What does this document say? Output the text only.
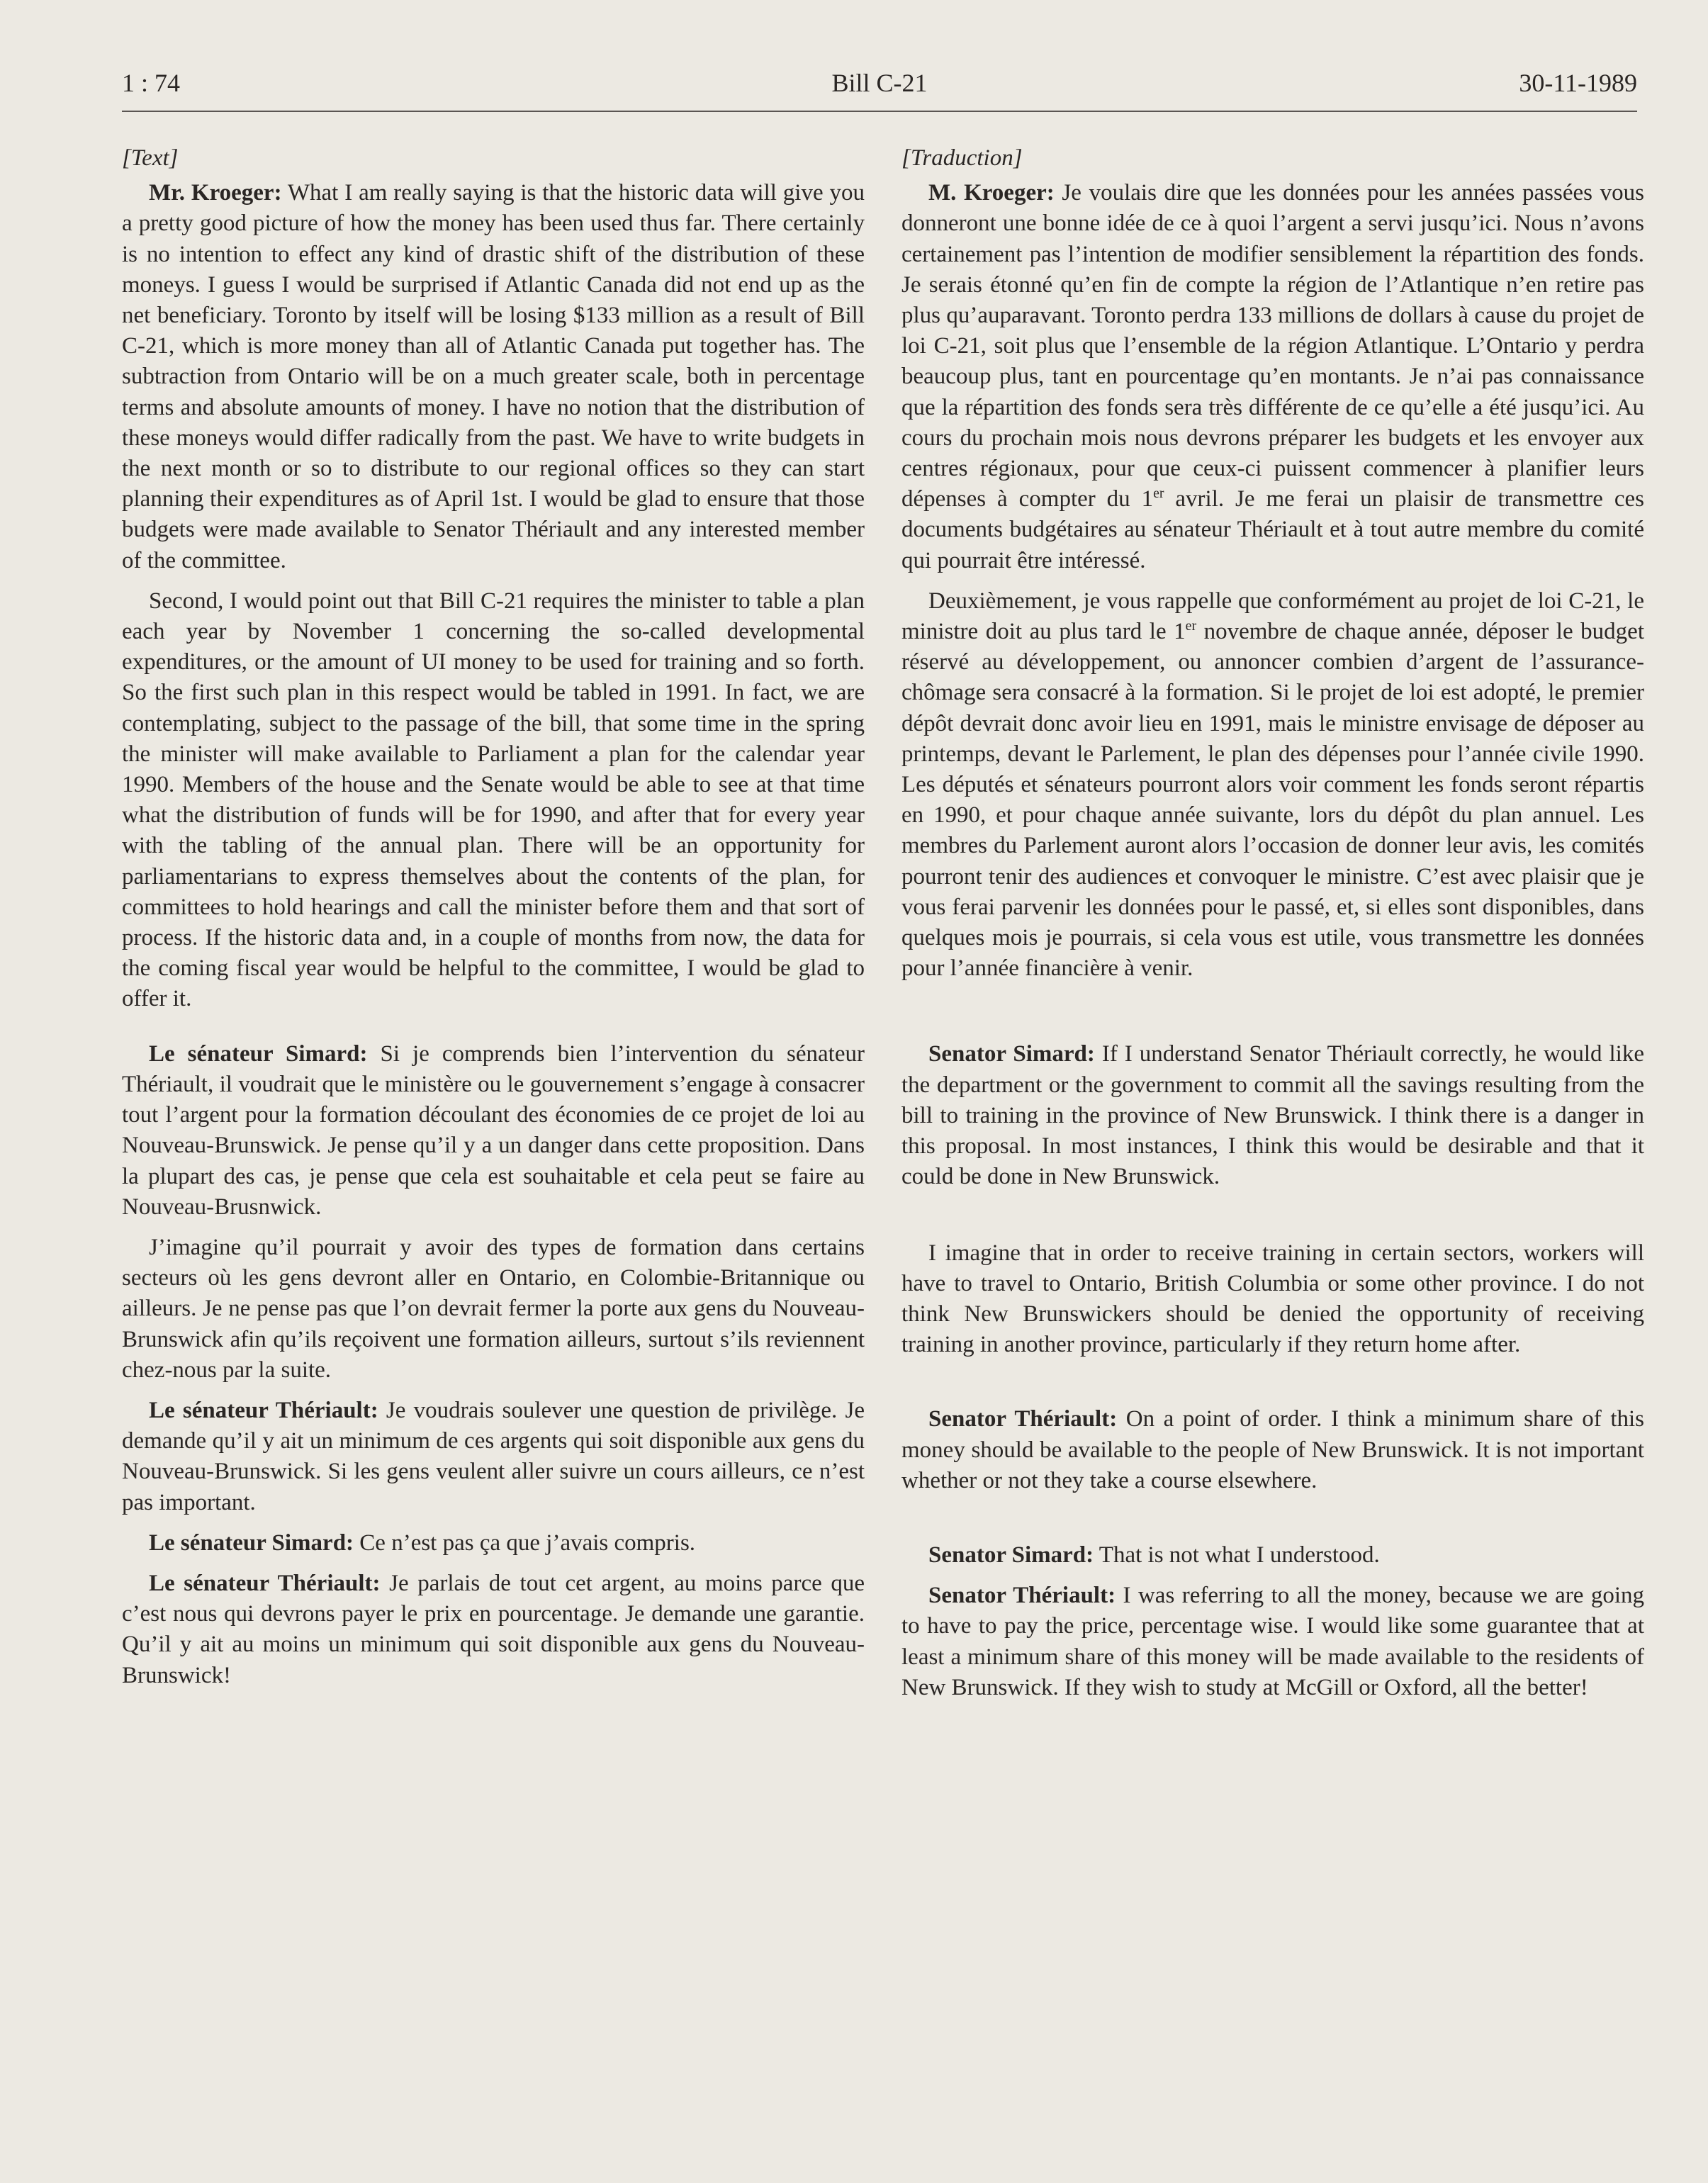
1 : 74	Bill C-21	30-11-1989
[Text]

Mr. Kroeger: What I am really saying is that the historic data will give you a pretty good picture of how the money has been used thus far. There certainly is no intention to effect any kind of drastic shift of the distribution of these moneys. I guess I would be surprised if Atlantic Canada did not end up as the net beneficiary. Toronto by itself will be losing $133 million as a result of Bill C-21, which is more money than all of Atlantic Canada put together has. The subtraction from Ontario will be on a much greater scale, both in percentage terms and absolute amounts of money. I have no notion that the distribution of these moneys would differ radically from the past. We have to write budgets in the next month or so to distribute to our regional offices so they can start planning their expenditures as of April 1st. I would be glad to ensure that those budgets were made available to Senator Thériault and any interested member of the committee.

Second, I would point out that Bill C-21 requires the minister to table a plan each year by November 1 concerning the so-called developmental expenditures, or the amount of UI money to be used for training and so forth. So the first such plan in this respect would be tabled in 1991. In fact, we are contemplating, subject to the passage of the bill, that some time in the spring the minister will make available to Parliament a plan for the calendar year 1990. Members of the house and the Senate would be able to see at that time what the distribution of funds will be for 1990, and after that for every year with the tabling of the annual plan. There will be an opportunity for parliamentarians to express themselves about the contents of the plan, for committees to hold hearings and call the minister before them and that sort of process. If the historic data and, in a couple of months from now, the data for the coming fiscal year would be helpful to the committee, I would be glad to offer it.

Le sénateur Simard: Si je comprends bien l’intervention du sénateur Thériault, il voudrait que le ministère ou le gouvernement s’engage à consacrer tout l’argent pour la formation découlant des économies de ce projet de loi au Nouveau-Brunswick. Je pense qu’il y a un danger dans cette proposition. Dans la plupart des cas, je pense que cela est souhaitable et cela peut se faire au Nouveau-Brusnwick.

J’imagine qu’il pourrait y avoir des types de formation dans certains secteurs où les gens devront aller en Ontario, en Colombie-Britannique ou ailleurs. Je ne pense pas que l’on devrait fermer la porte aux gens du Nouveau-Brunswick afin qu’ils reçoivent une formation ailleurs, surtout s’ils reviennent chez-nous par la suite.

Le sénateur Thériault: Je voudrais soulever une question de privilège. Je demande qu’il y ait un minimum de ces argents qui soit disponible aux gens du Nouveau-Brunswick. Si les gens veulent aller suivre un cours ailleurs, ce n’est pas important.

Le sénateur Simard: Ce n’est pas ça que j’avais compris.

Le sénateur Thériault: Je parlais de tout cet argent, au moins parce que c’est nous qui devrons payer le prix en pourcentage. Je demande une garantie. Qu’il y ait au moins un minimum qui soit disponible aux gens du Nouveau-Brunswick!

[Traduction]

M. Kroeger: Je voulais dire que les données pour les années passées vous donneront une bonne idée de ce à quoi l’argent a servi jusqu’ici. Nous n’avons certainement pas l’intention de modifier sensiblement la répartition des fonds. Je serais étonné qu’en fin de compte la région de l’Atlantique n’en retire pas plus qu’auparavant. Toronto perdra 133 millions de dollars à cause du projet de loi C-21, soit plus que l’ensemble de la région Atlantique. L’Ontario y perdra beaucoup plus, tant en pourcentage qu’en montants. Je n’ai pas connaissance que la répartition des fonds sera très différente de ce qu’elle a été jusqu’ici. Au cours du prochain mois nous devrons préparer les budgets et les envoyer aux centres régionaux, pour que ceux-ci puissent commencer à planifier leurs dépenses à compter du 1er avril. Je me ferai un plaisir de transmettre ces documents budgétaires au sénateur Thériault et à tout autre membre du comité qui pourrait être intéressé.

Deuxièmement, je vous rappelle que conformément au projet de loi C-21, le ministre doit au plus tard le 1er novembre de chaque année, déposer le budget réservé au développement, ou annoncer combien d’argent de l’assurance-chômage sera consacré à la formation. Si le projet de loi est adopté, le premier dépôt devrait donc avoir lieu en 1991, mais le ministre envisage de déposer au printemps, devant le Parlement, le plan des dépenses pour l’année civile 1990. Les députés et sénateurs pourront alors voir comment les fonds seront répartis en 1990, et pour chaque année suivante, lors du dépôt du plan annuel. Les membres du Parlement auront alors l’occasion de donner leur avis, les comités pourront tenir des audiences et convoquer le ministre. C’est avec plaisir que je vous ferai parvenir les données pour le passé, et, si elles sont disponibles, dans quelques mois je pourrais, si cela vous est utile, vous transmettre les données pour l’année financière à venir.

Senator Simard: If I understand Senator Thériault correctly, he would like the department or the government to commit all the savings resulting from the bill to training in the province of New Brunswick. I think there is a danger in this proposal. In most instances, I think this would be desirable and that it could be done in New Brunswick.

I imagine that in order to receive training in certain sectors, workers will have to travel to Ontario, British Columbia or some other province. I do not think New Brunswickers should be denied the opportunity of receiving training in another province, particularly if they return home after.

Senator Thériault: On a point of order. I think a minimum share of this money should be available to the people of New Brunswick. It is not important whether or not they take a course elsewhere.

Senator Simard: That is not what I understood.

Senator Thériault: I was referring to all the money, because we are going to have to pay the price, percentage wise. I would like some guarantee that at least a minimum share of this money will be made available to the residents of New Brunswick. If they wish to study at McGill or Oxford, all the better!
